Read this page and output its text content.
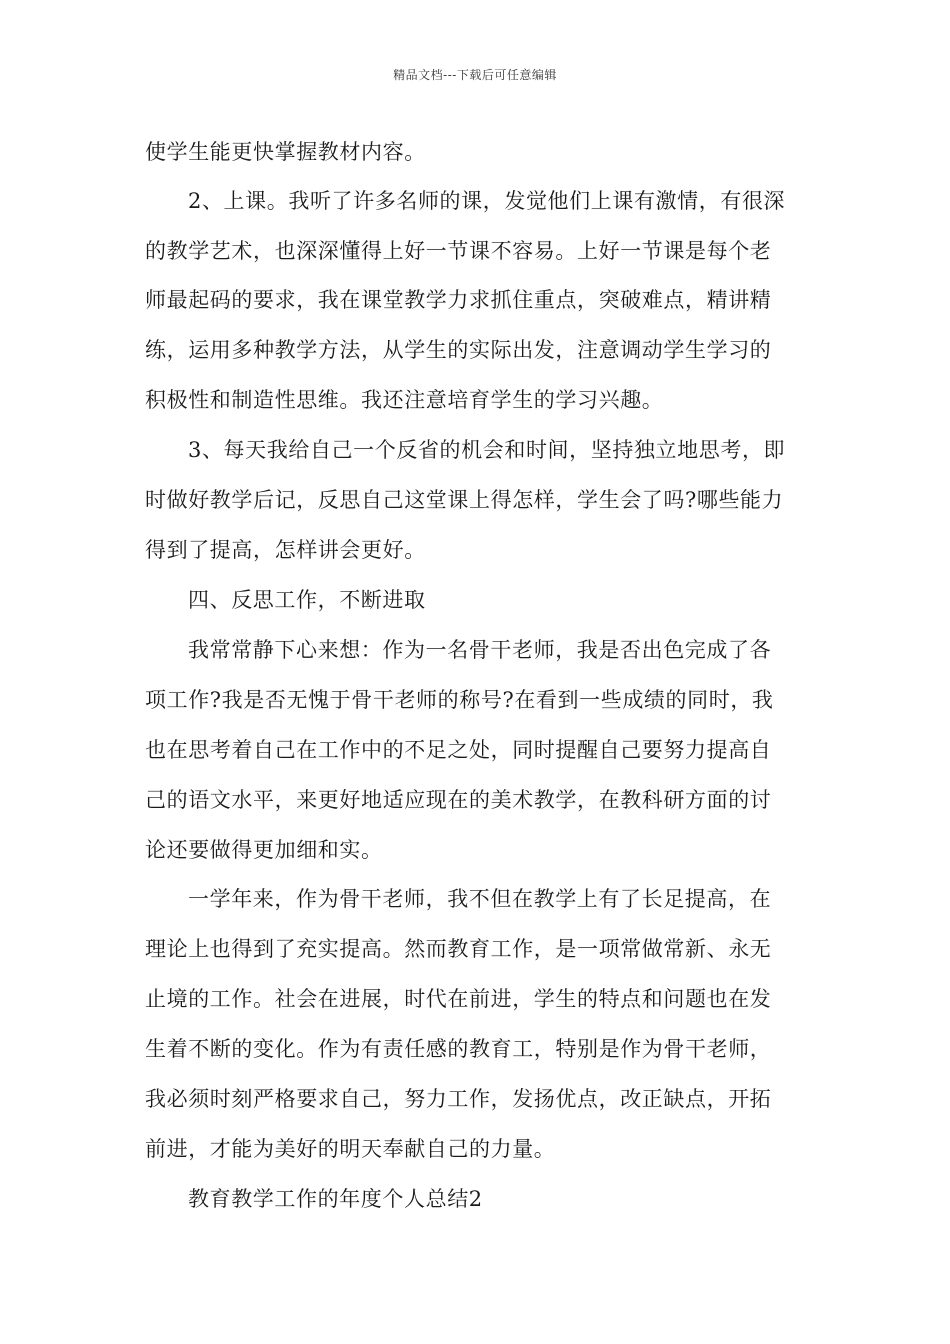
精品文档---下载后可任意编辑
使学生能更快掌握教材内容。
2、上课。我听了许多名师的课，发觉他们上课有激情，有很深
的教学艺术，也深深懂得上好一节课不容易。上好一节课是每个老
师最起码的要求，我在课堂教学力求抓住重点，突破难点，精讲精
练，运用多种教学方法，从学生的实际出发，注意调动学生学习的
积极性和制造性思维。我还注意培育学生的学习兴趣。
3、每天我给自己一个反省的机会和时间，坚持独立地思考，即
时做好教学后记，反思自己这堂课上得怎样，学生会了吗?哪些能力
得到了提高，怎样讲会更好。
四、反思工作，不断进取
我常常静下心来想：作为一名骨干老师，我是否出色完成了各
项工作?我是否无愧于骨干老师的称号?在看到一些成绩的同时，我
也在思考着自己在工作中的不足之处，同时提醒自己要努力提高自
己的语文水平，来更好地适应现在的美术教学，在教科研方面的讨
论还要做得更加细和实。
一学年来，作为骨干老师，我不但在教学上有了长足提高，在
理论上也得到了充实提高。然而教育工作，是一项常做常新、永无
止境的工作。社会在进展，时代在前进，学生的特点和问题也在发
生着不断的变化。作为有责任感的教育工，特别是作为骨干老师，
我必须时刻严格要求自己，努力工作，发扬优点，改正缺点，开拓
前进，才能为美好的明天奉献自己的力量。
教育教学工作的年度个人总结2
